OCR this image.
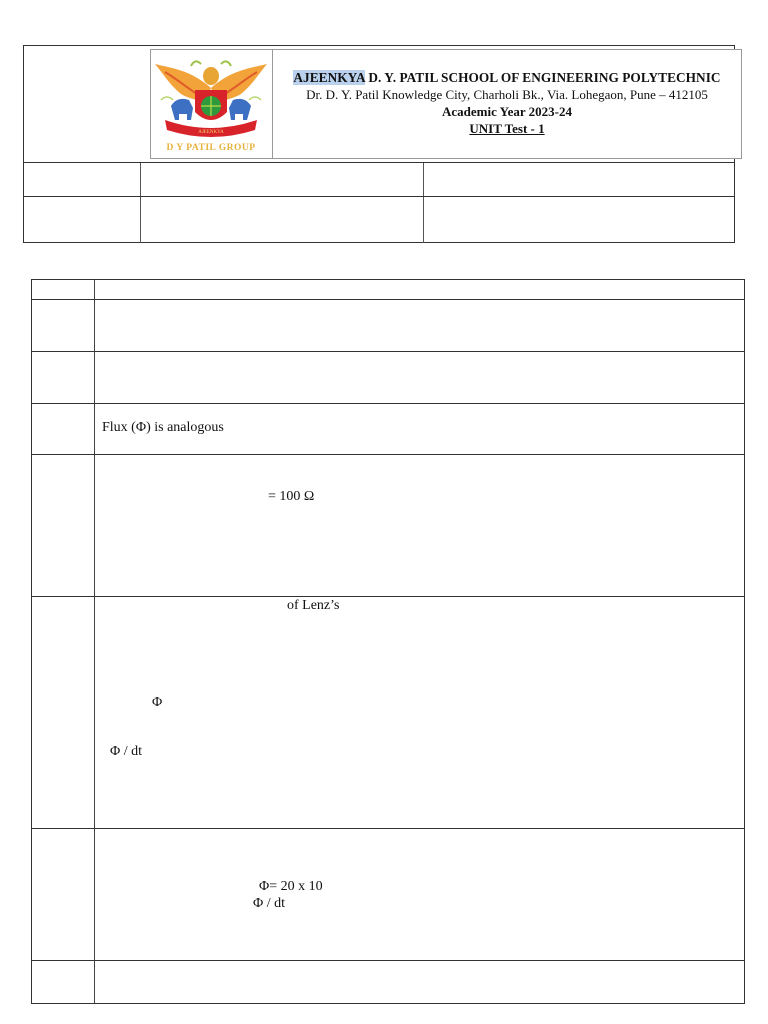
AJEENKYA
D Y PATIL GROUP
AJEENKYA D. Y. PATIL SCHOOL OF ENGINEERING POLYTECHNIC
Dr. D. Y. Patil Knowledge City, Charholi Bk., Via. Lohegaon, Pune – 412105
Academic Year 2023-24
UNIT Test - 1
Flux (Φ) is analogous
= 100 Ω
of Lenz’s
Φ
Φ / dt
Φ= 20 x 10
Φ / dt
